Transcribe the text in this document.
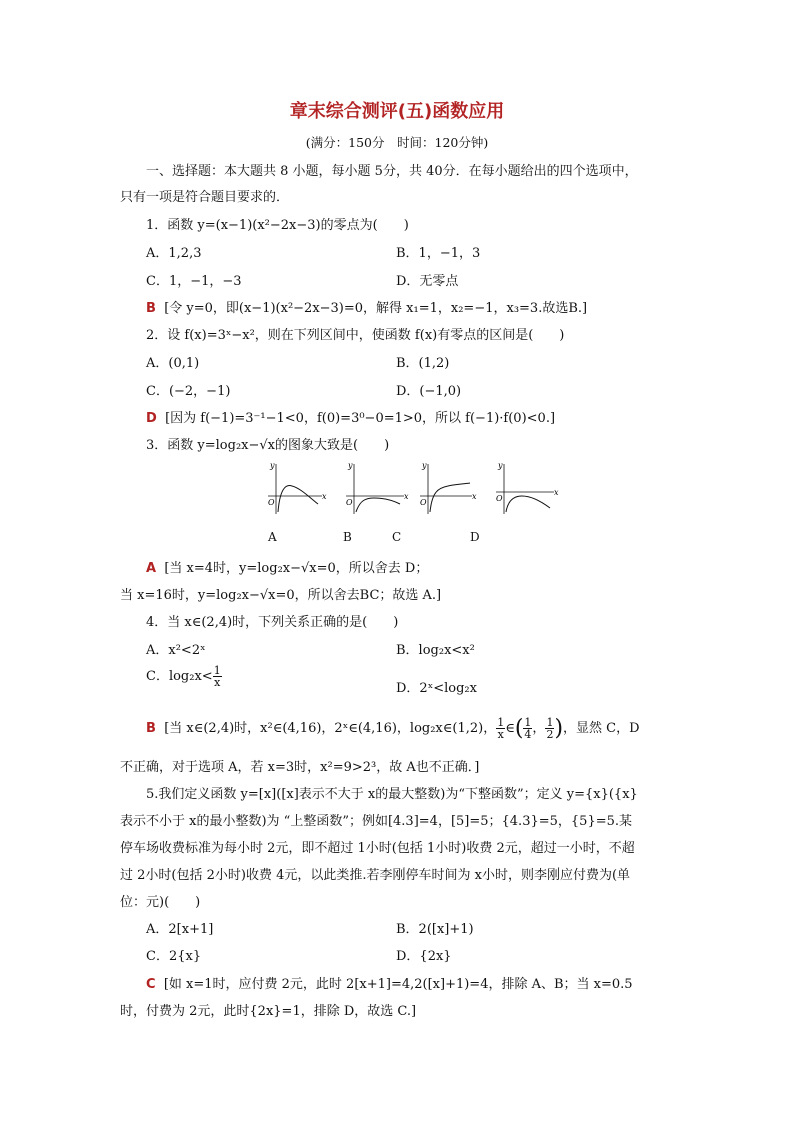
章末综合测评(五)函数应用
(满分：150分　时间：120分钟)
一、选择题：本大题共 8 小题，每小题 5分，共 40分．在每小题给出的四个选项中，
只有一项是符合题目要求的．
1．函数 y=(x−1)(x²−2x−3)的零点为(　　)
A．1,2,3	B．1，−1，3
C．1，−1，−3	D．无零点
B [令 y=0，即(x−1)(x²−2x−3)=0，解得 x₁=1，x₂=−1，x₃=3.故选B.]
2．设 f(x)=3ˣ−x²，则在下列区间中，使函数 f(x)有零点的区间是(　　)
A．(0,1)	B．(1,2)
C．(−2，−1)	D．(−1,0)
D [因为 f(−1)=3⁻¹−1<0，f(0)=3⁰−0=1>0，所以 f(−1)·f(0)<0.]
3．函数 y=log₂x−√x的图象大致是(　　)
y
x
O
y
x
O
y
x
O
y
x
O
A	B	C	D
A [当 x=4时，y=log₂x−√x=0，所以舍去 D；
当 x=16时，y=log₂x−√x=0，所以舍去BC；故选 A.]
4．当 x∈(2,4)时，下列关系正确的是(　　)
A．x²<2ˣ	B．log₂x<x²
C．$\log_2x< \frac{1}{x}$
D．2ˣ<log₂x
B [当 x∈(2,4)时，x²∈(4,16)，2ˣ∈(4,16)，log₂x∈(1,2)， $\frac{1}{x}$ ∈( $\frac{1}{4}$ ， $\frac{1}{2}$ )，显然 C，D
不正确，对于选项 A，若 x=3时，x²=9>2³，故 A也不正确．]
5.我们定义函数 y=[x]([x]表示不大于 x的最大整数)为“下整函数”；定义 y={x}({x}
表示不小于 x的最小整数)为 “上整函数”；例如[4.3]=4，[5]=5；{4.3}=5，{5}=5.某
停车场收费标准为每小时 2元，即不超过 1小时(包括 1小时)收费 2元，超过一小时，不超
过 2小时(包括 2小时)收费 4元，以此类推.若李刚停车时间为 x小时，则李刚应付费为(单
位：元)(　　)
A．2[x+1]	B．2([x]+1)
C．2{x}	D．{2x}
C [如 x=1时，应付费 2元，此时 2[x+1]=4,2([x]+1)=4，排除 A、B；当 x=0.5
时，付费为 2元，此时{2x}=1，排除 D，故选 C.]
